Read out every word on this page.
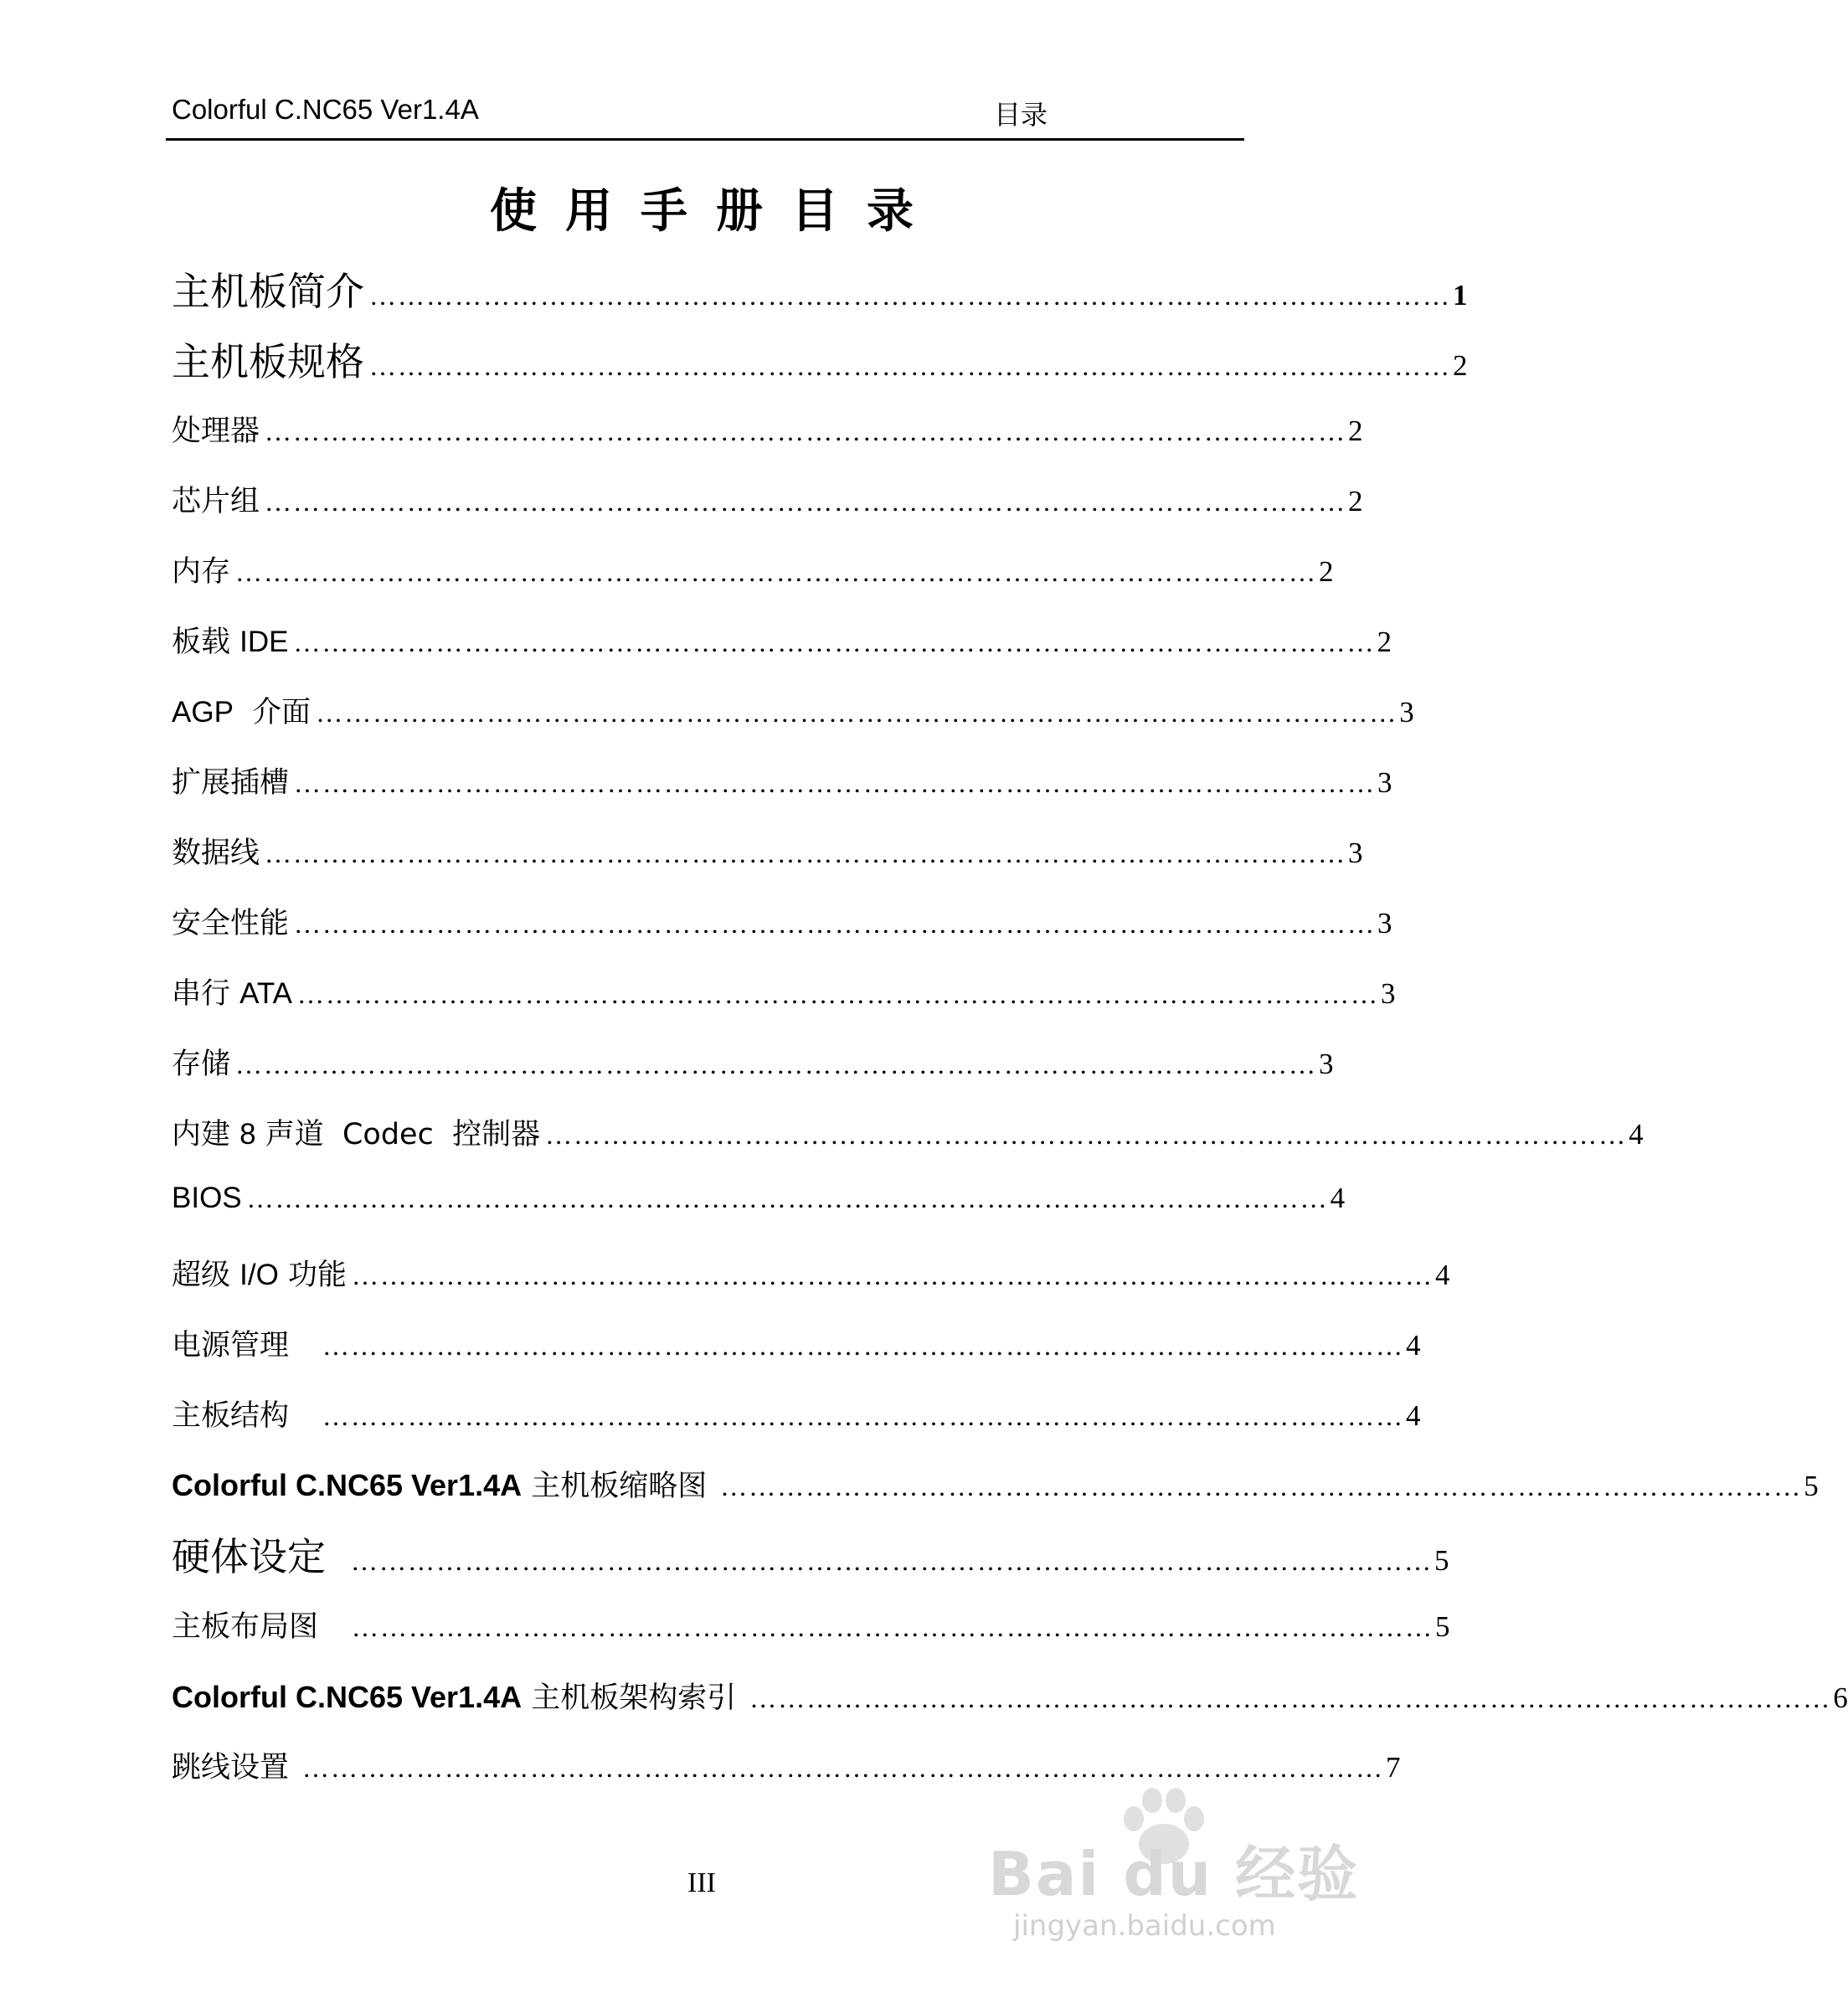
Colorful C.NC65 Ver1.4A	目录
使用手册目录
主机板简介 …………………………………………………………………………………………………… 1
主机板规格 …………………………………………………………………………………………………… 2
处理器 …………………………………………………………………………………………………… 2
芯片组 …………………………………………………………………………………………………… 2
内存 …………………………………………………………………………………………………… 2
板载 IDE …………………………………………………………………………………………………… 2
AGP  介面 …………………………………………………………………………………………………… 3
扩展插槽 …………………………………………………………………………………………………… 3
数据线 …………………………………………………………………………………………………… 3
安全性能 …………………………………………………………………………………………………… 3
串行 ATA …………………………………………………………………………………………………… 3
存储 …………………………………………………………………………………………………… 3
内建 8 声道  Codec  控制器 …………………………………………………………………………………………………… 4
BIOS …………………………………………………………………………………………………… 4
超级 I/O 功能 …………………………………………………………………………………………………… 4
电源管理 …………………………………………………………………………………………………… 4
主板结构 …………………………………………………………………………………………………… 4
Colorful C.NC65 Ver1.4A 主机板缩略图 …………………………………………………………………………………………………… 5
硬体设定 …………………………………………………………………………………………………… 5
主板布局图 …………………………………………………………………………………………………… 5
Colorful C.NC65 Ver1.4A 主机板架构索引 …………………………………………………………………………………………………… 6
跳线设置 …………………………………………………………………………………………………… 7
III	Bai du 经验
jingyan.baidu.com
